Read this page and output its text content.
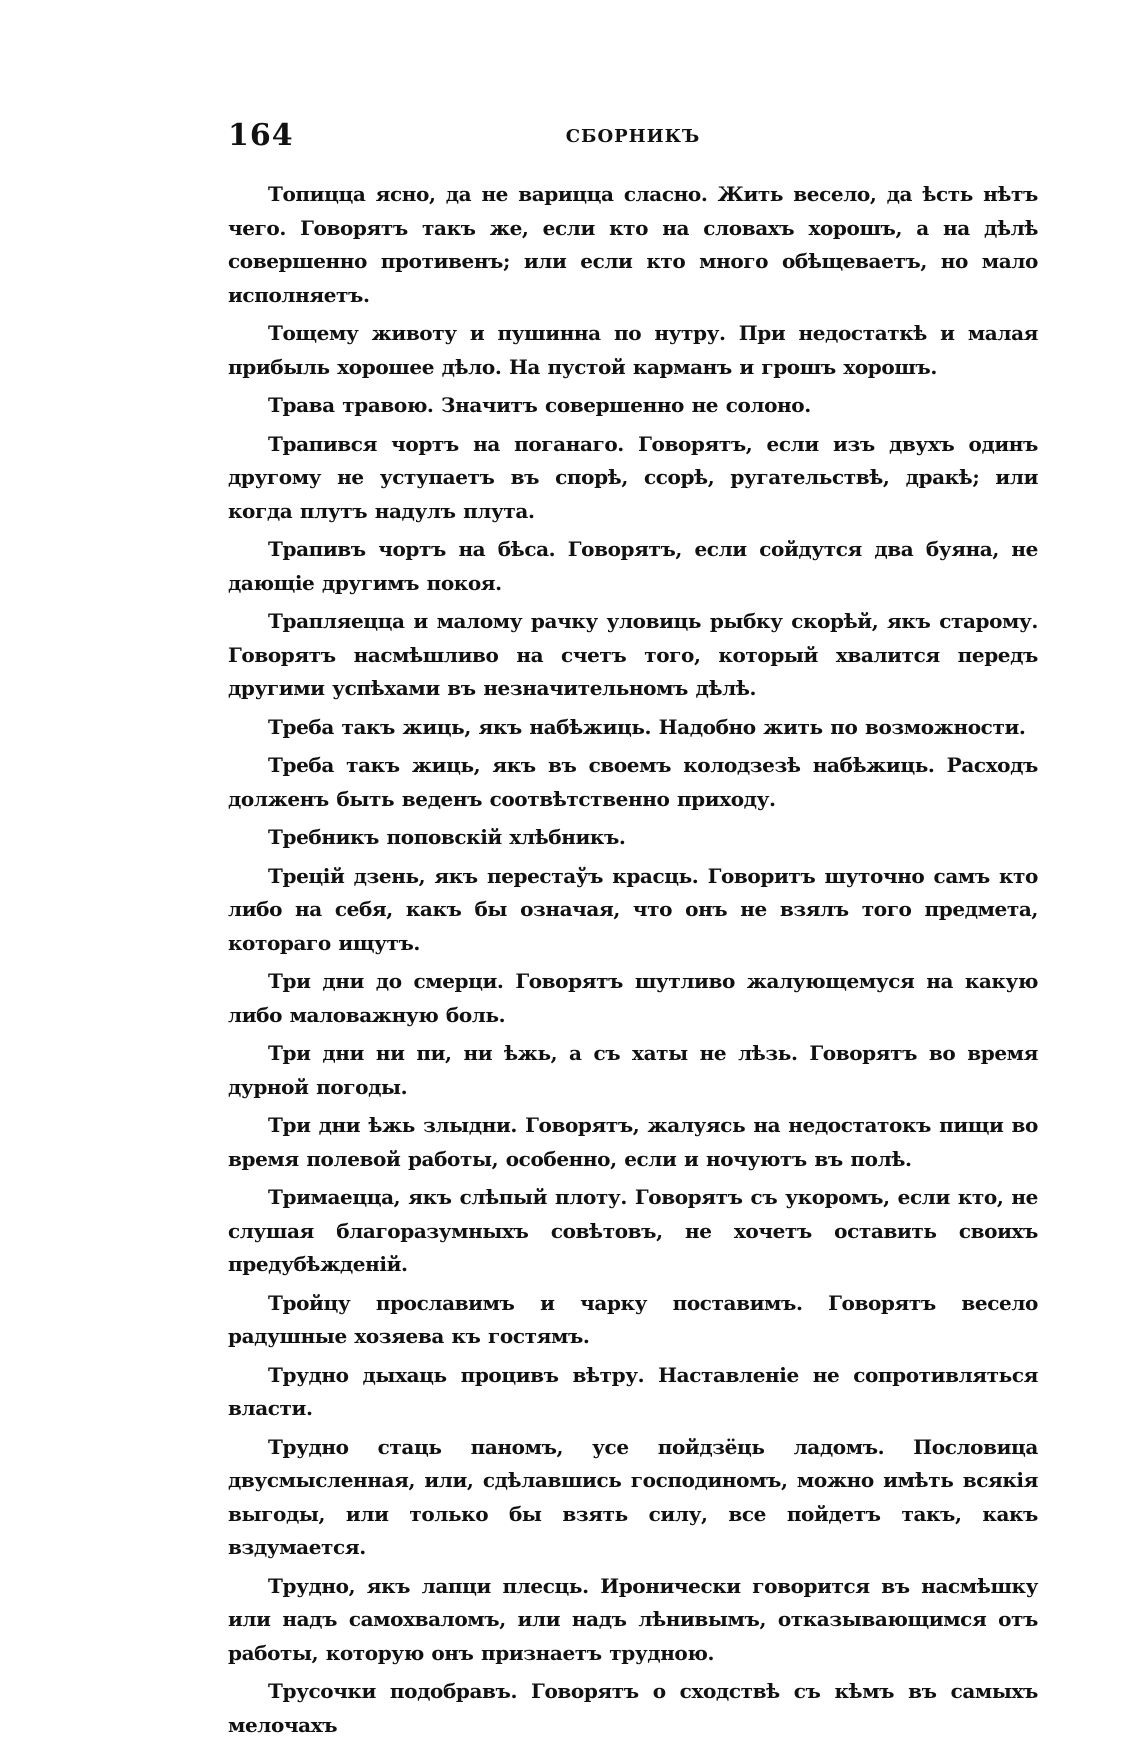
164	СБОРНИКЪ

Топицца ясно, да не варицца сласно. Жить весело, да ѣсть нѣтъ чего. Говорятъ такъ же, если кто на словахъ хорошъ, а на дѣлѣ совершенно противенъ; или если кто много обѣщеваетъ, но мало исполняетъ.

Тощему животу и пушинна по нутру. При недостаткѣ и малая прибыль хорошее дѣло. На пустой карманъ и грошъ хорошъ.

Трава травою. Значитъ совершенно не солоно.

Трапився чортъ на поганаго. Говорятъ, если изъ двухъ одинъ другому не уступаетъ въ спорѣ, ссорѣ, ругательствѣ, дракѣ; или когда плутъ надулъ плута.

Трапивъ чортъ на бѣса. Говорятъ, если сойдутся два буяна, не дающіе другимъ покоя.

Трапляецца и малому рачку уловиць рыбку скорѣй, якъ старому. Говорятъ насмѣшливо на счетъ того, который хвалится передъ другими успѣхами въ незначительномъ дѣлѣ.

Треба такъ жиць, якъ набѣжиць. Надобно жить по возможности.

Треба такъ жиць, якъ въ своемъ колодзезѣ набѣжиць. Расходъ долженъ быть веденъ соотвѣтственно приходу.

Требникъ поповскій хлѣбникъ.

Трецій дзень, якъ перестаўъ красць. Говоритъ шуточно самъ кто либо на себя, какъ бы означая, что онъ не взялъ того предмета, котораго ищутъ.

Три дни до смерци. Говорятъ шутливо жалующемуся на какую либо маловажную боль.

Три дни ни пи, ни ѣжь, а съ хаты не лѣзь. Говорятъ во время дурной погоды.

Три дни ѣжь злыдни. Говорятъ, жалуясь на недостатокъ пищи во время полевой работы, особенно, если и ночуютъ въ полѣ.

Тримаецца, якъ слѣпый плоту. Говорятъ съ укоромъ, если кто, не слушая благоразумныхъ совѣтовъ, не хочетъ оставить своихъ предубѣжденій.

Тройцу прославимъ и чарку поставимъ. Говорятъ весело радушные хозяева къ гостямъ.

Трудно дыхаць процивъ вѣтру. Наставленіе не сопротивляться власти.

Трудно стаць паномъ, усе пойдзёць ладомъ. Пословица двусмысленная, или, сдѣлавшись господиномъ, можно имѣть всякія выгоды, или только бы взять силу, все пойдетъ такъ, какъ вздумается.

Трудно, якъ лапци плесць. Иронически говорится въ насмѣшку или надъ самохваломъ, или надъ лѣнивымъ, отказывающимся отъ работы, которую онъ признаетъ трудною.

Трусочки подобравъ. Говорятъ о сходствѣ съ кѣмъ въ самыхъ мелочахъ
